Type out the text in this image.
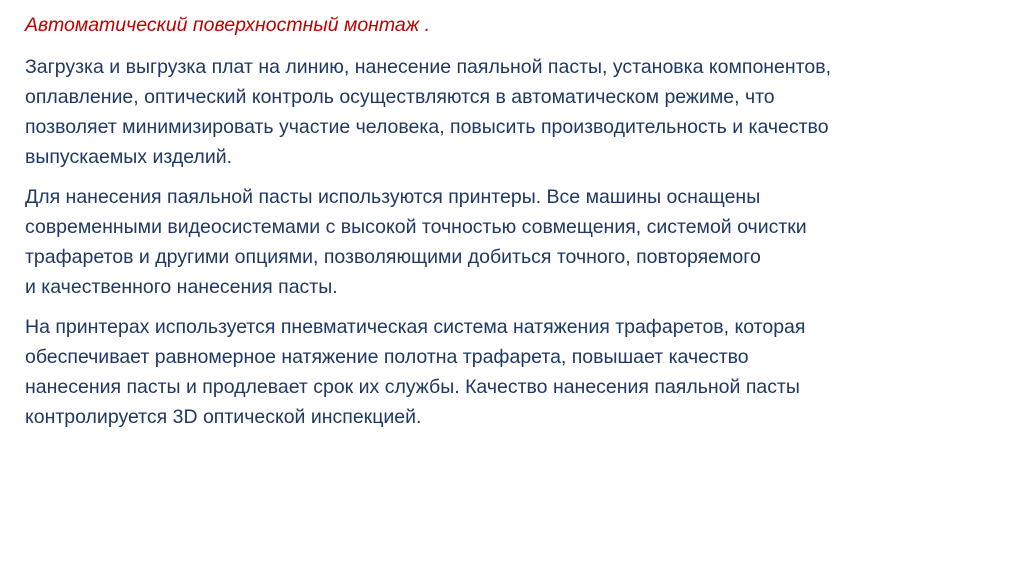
Автоматический поверхностный монтаж .
Загрузка и выгрузка плат на линию, нанесение паяльной пасты, установка компонентов,
оплавление, оптический контроль осуществляются в автоматическом режиме, что
позволяет минимизировать участие человека, повысить производительность и качество
выпускаемых изделий.
Для нанесения паяльной пасты используются принтеры. Все машины оснащены
современными видеосистемами с высокой точностью совмещения, системой очистки
трафаретов и другими опциями, позволяющими добиться точного, повторяемого
и качественного нанесения пасты.
На принтерах используется пневматическая система натяжения трафаретов, которая
обеспечивает равномерное натяжение полотна трафарета, повышает качество
нанесения пасты и продлевает срок их службы. Качество нанесения паяльной пасты
контролируется 3D оптической инспекцией.
